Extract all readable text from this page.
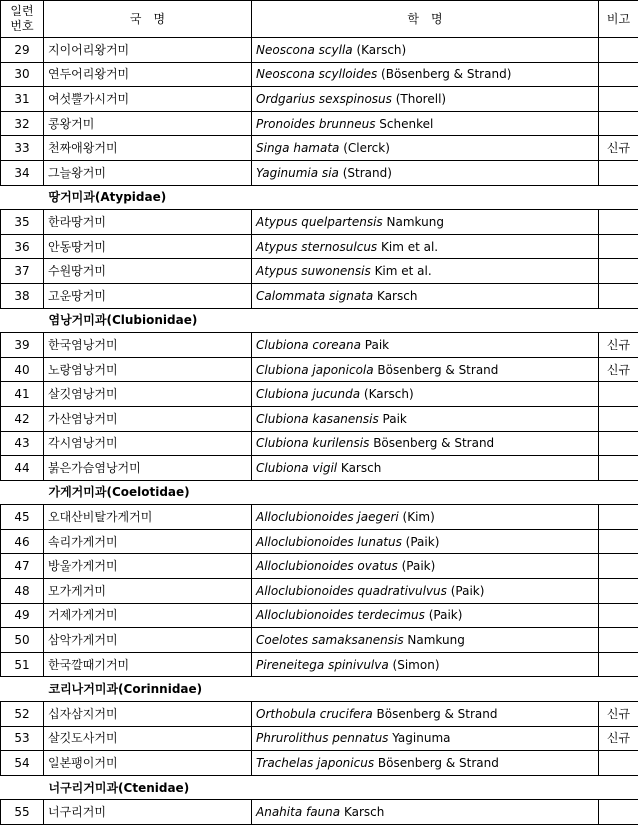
일련
번호	국　명	학　명	비고
29	지이어리왕거미	Neoscona scylla (Karsch)	
30	연두어리왕거미	Neoscona scylloides (Bösenberg & Strand)	
31	여섯뿔가시거미	Ordgarius sexspinosus (Thorell)	
32	콩왕거미	Pronoides brunneus Schenkel	
33	천짜애왕거미	Singa hamata (Clerck)	신규
34	그늘왕거미	Yaginumia sia (Strand)	
땅거미과(Atypidae)			
35	한라땅거미	Atypus quelpartensis Namkung	
36	안동땅거미	Atypus sternosulcus Kim et al.	
37	수원땅거미	Atypus suwonensis Kim et al.	
38	고운땅거미	Calommata signata Karsch	
염낭거미과(Clubionidae)			
39	한국염낭거미	Clubiona coreana Paik	신규
40	노랑염낭거미	Clubiona japonicola Bösenberg & Strand	신규
41	살깃염낭거미	Clubiona jucunda (Karsch)	
42	가산염낭거미	Clubiona kasanensis Paik	
43	각시염낭거미	Clubiona kurilensis Bösenberg & Strand	
44	붉은가슴염낭거미	Clubiona vigil Karsch	
가게거미과(Coelotidae)			
45	오대산비탈가게거미	Alloclubionoides jaegeri (Kim)	
46	속리가게거미	Alloclubionoides lunatus (Paik)	
47	방울가게거미	Alloclubionoides ovatus (Paik)	
48	모가게거미	Alloclubionoides quadrativulvus (Paik)	
49	거제가게거미	Alloclubionoides terdecimus (Paik)	
50	삼악가게거미	Coelotes samaksanensis Namkung	
51	한국깔때기거미	Pireneitega spinivulva (Simon)	
코리나거미과(Corinnidae)			
52	십자삼지거미	Orthobula crucifera Bösenberg & Strand	신규
53	살깃도사거미	Phrurolithus pennatus Yaginuma	신규
54	일본팽이거미	Trachelas japonicus Bösenberg & Strand	
너구리거미과(Ctenidae)			
55	너구리거미	Anahita fauna Karsch	
